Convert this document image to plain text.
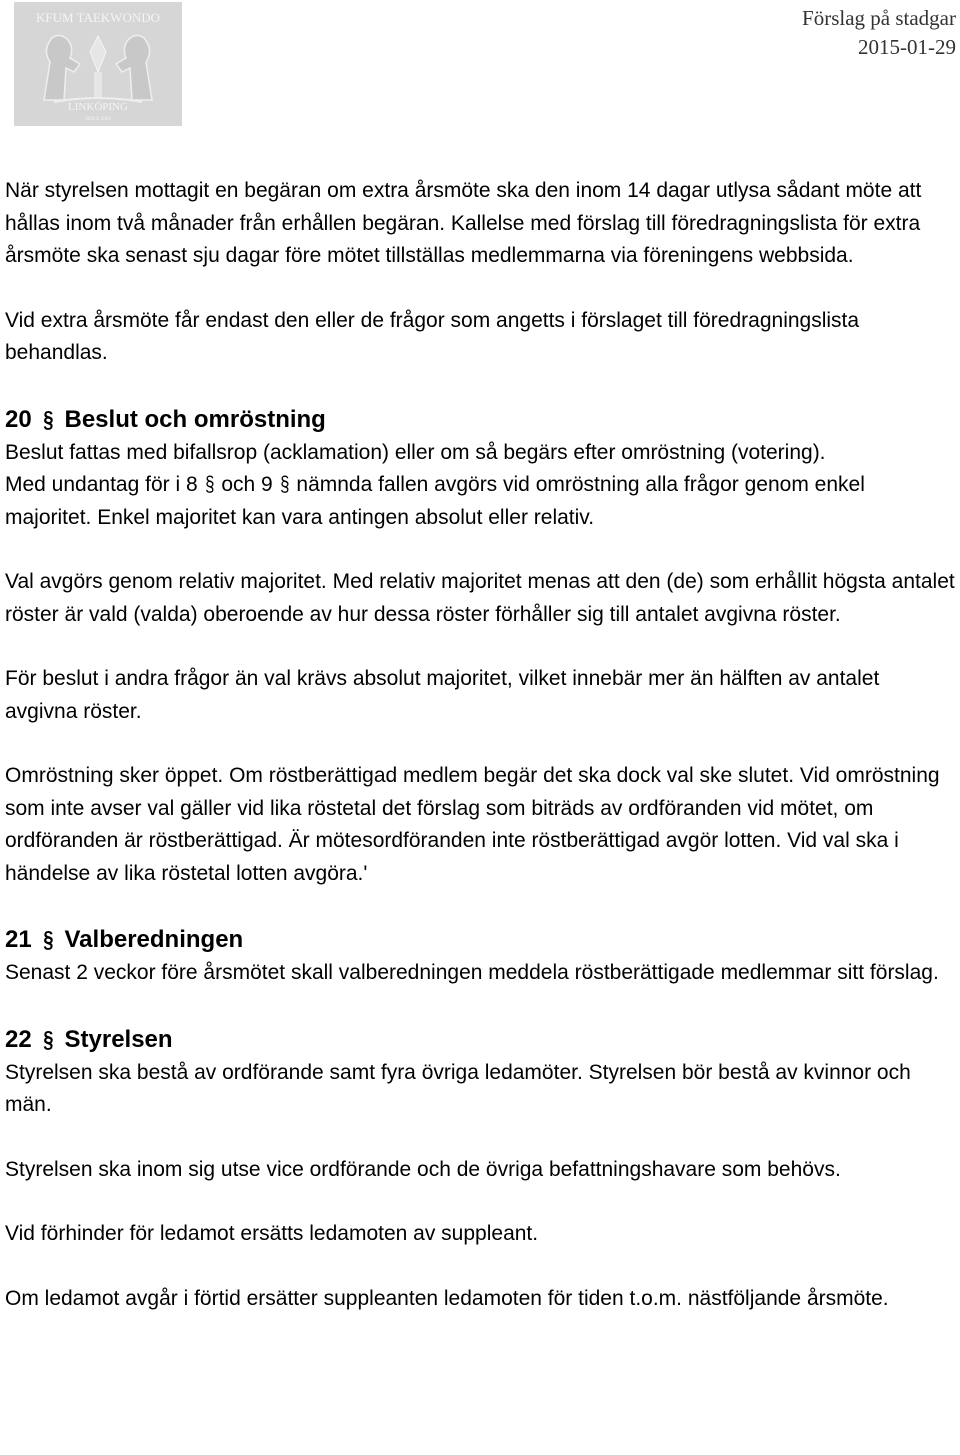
KFUM TAEKWONDO
LINKÖPING
SINCE 2004
Förslag på stadgar
2015-01-29

När styrelsen mottagit en begäran om extra årsmöte ska den inom 14 dagar utlysa sådant möte att hållas inom två månader från erhållen begäran. Kallelse med förslag till föredragningslista för extra årsmöte ska senast sju dagar före mötet tillställas medlemmarna via föreningens webbsida.

Vid extra årsmöte får endast den eller de frågor som angetts i förslaget till föredragningslista behandlas.

20 § Beslut och omröstning

Beslut fattas med bifallsrop (acklamation) eller om så begärs efter omröstning (votering).

Med undantag för i 8 § och 9 § nämnda fallen avgörs vid omröstning alla frågor genom enkel majoritet. Enkel majoritet kan vara antingen absolut eller relativ.

Val avgörs genom relativ majoritet. Med relativ majoritet menas att den (de) som erhållit högsta antalet röster är vald (valda) oberoende av hur dessa röster förhåller sig till antalet avgivna röster.

För beslut i andra frågor än val krävs absolut majoritet, vilket innebär mer än hälften av antalet avgivna röster.

Omröstning sker öppet. Om röstberättigad medlem begär det ska dock val ske slutet. Vid omröstning som inte avser val gäller vid lika röstetal det förslag som biträds av ordföranden vid mötet, om ordföranden är röstberättigad. Är mötesordföranden inte röstberättigad avgör lotten. Vid val ska i händelse av lika röstetal lotten avgöra.'

21 § Valberedningen

Senast 2 veckor före årsmötet skall valberedningen meddela röstberättigade medlemmar sitt förslag.

22 § Styrelsen

Styrelsen ska bestå av ordförande samt fyra övriga ledamöter. Styrelsen bör bestå av kvinnor och män.

Styrelsen ska inom sig utse vice ordförande och de övriga befattningshavare som behövs.

Vid förhinder för ledamot ersätts ledamoten av suppleant.

Om ledamot avgår i förtid ersätter suppleanten ledamoten för tiden t.o.m. nästföljande årsmöte.
